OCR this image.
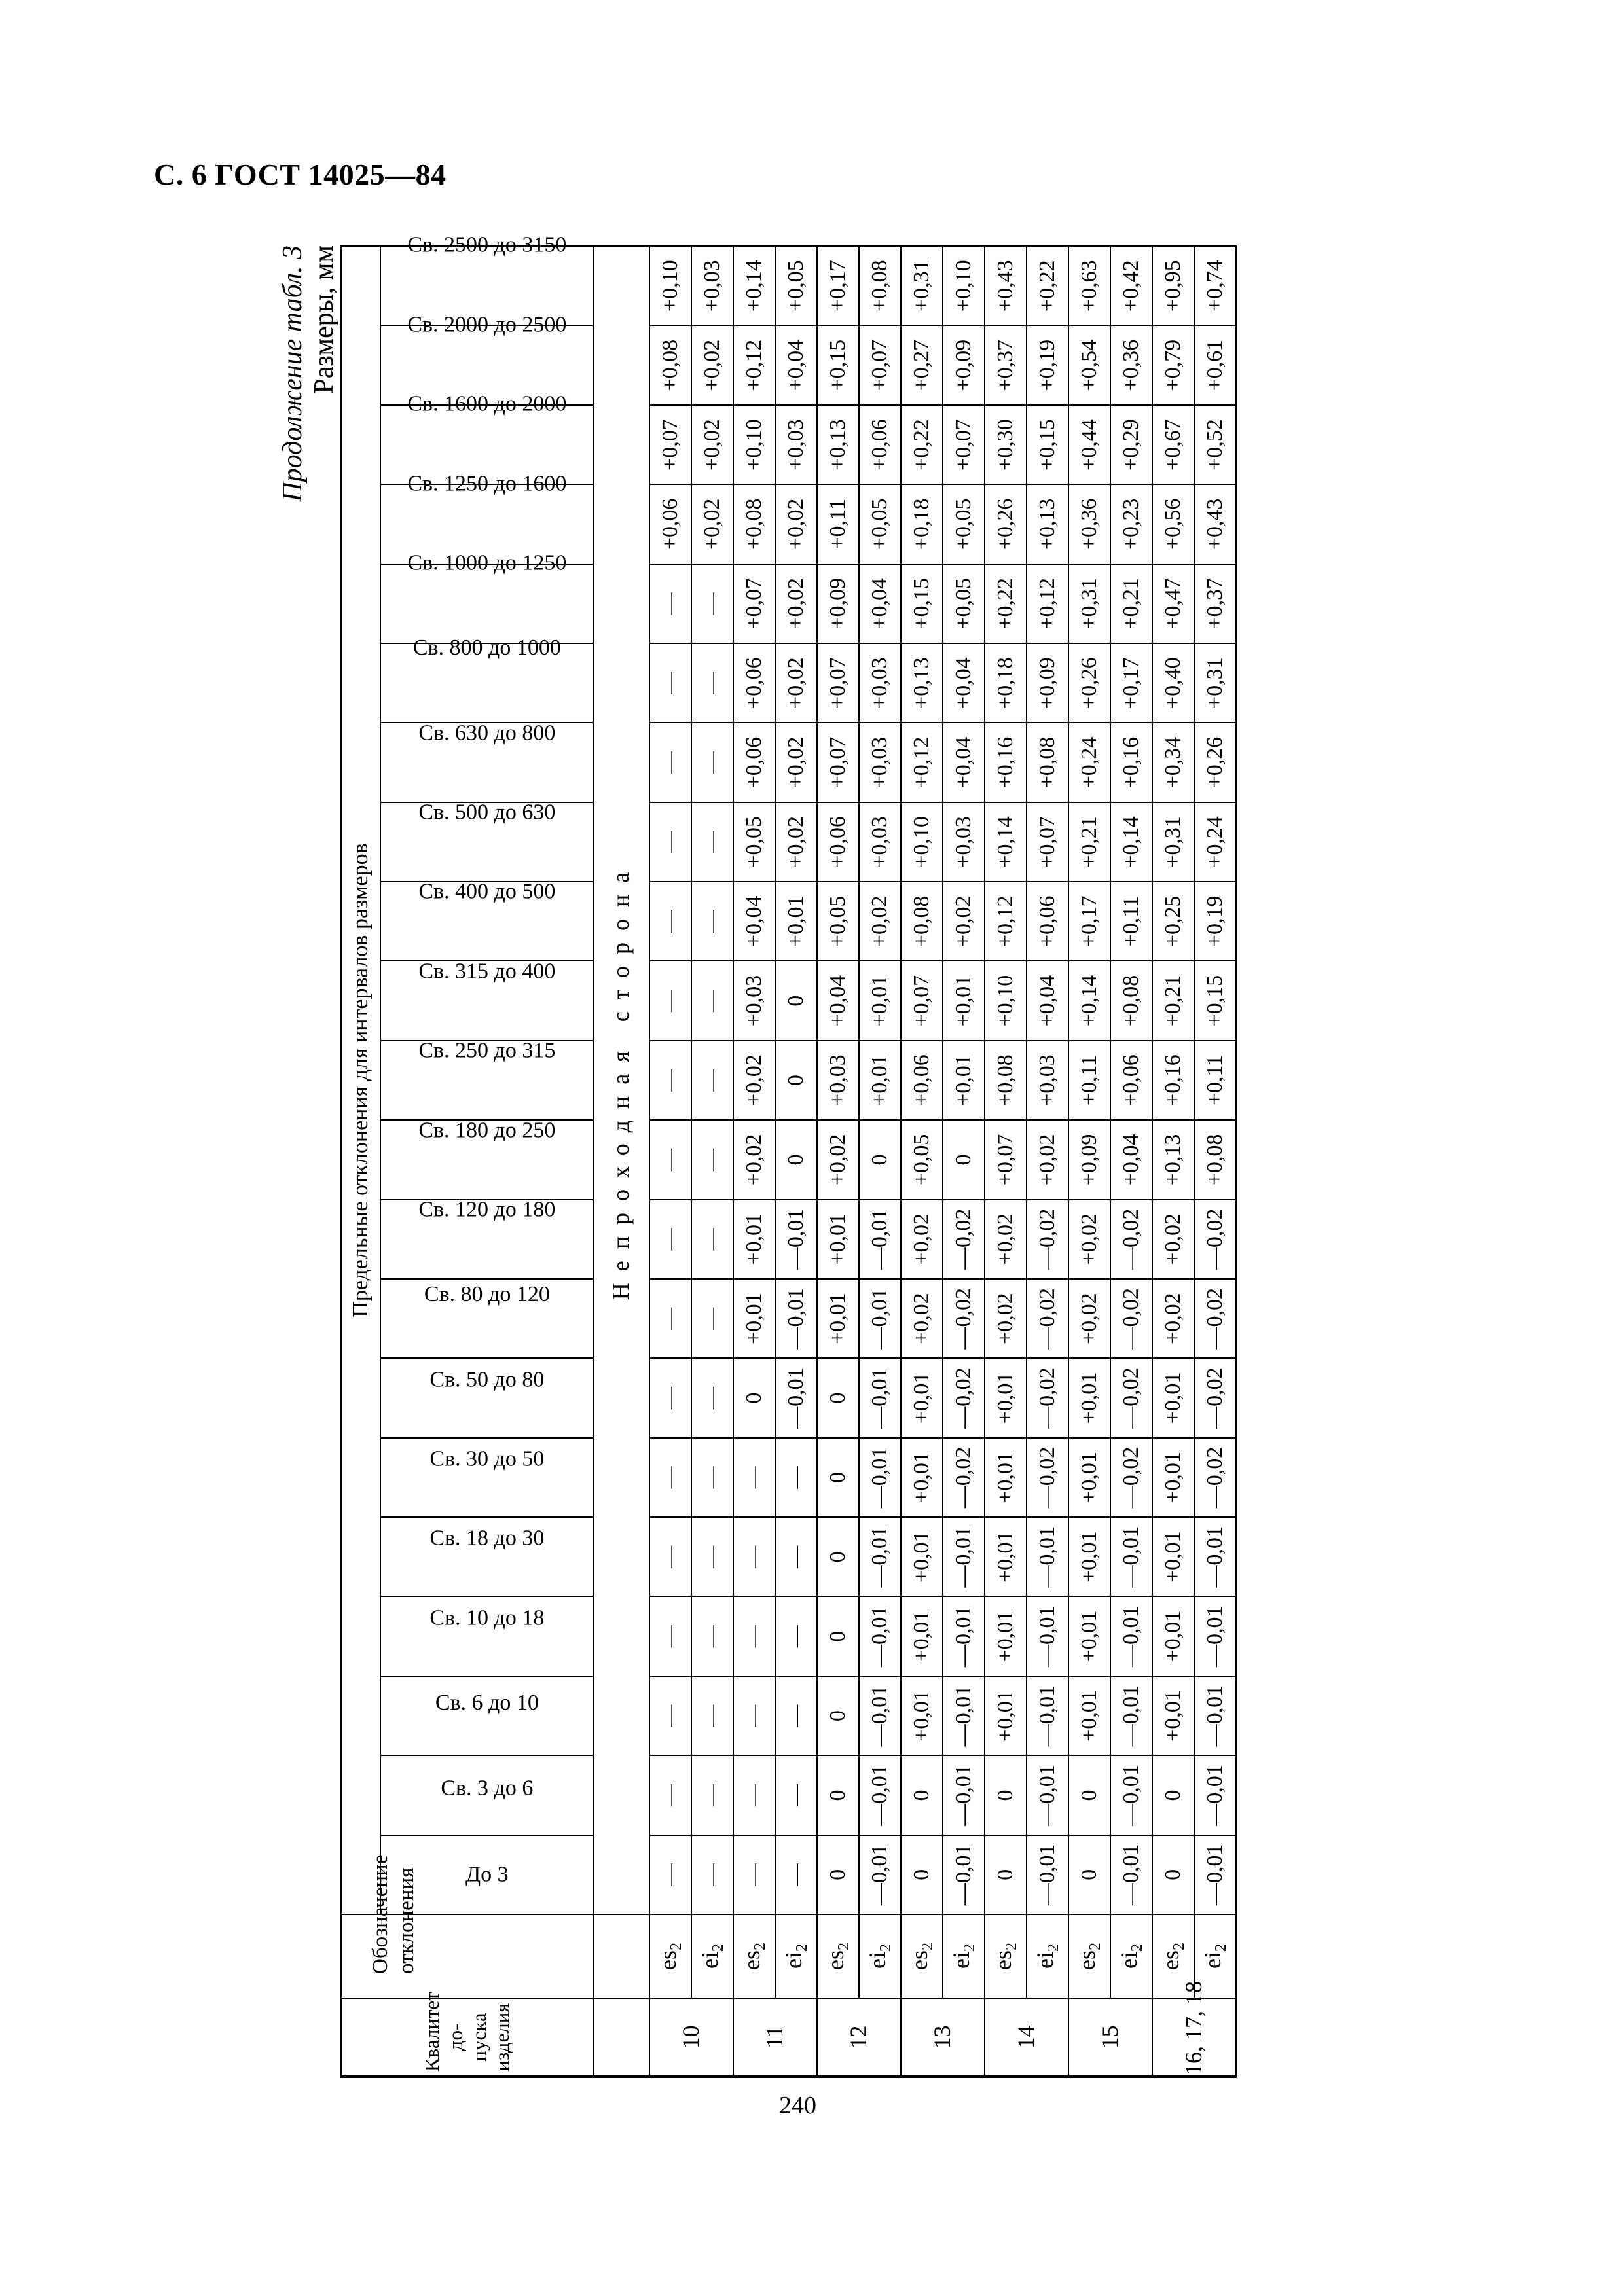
С. 6 ГОСТ 14025—84
Продолжение табл. 3 Размеры, мм
Квалитет до-пуска изделия	Обозначение отклонения	Предельные отклонения для интервалов размеров																				
		До 3	Св. 3 до 6	Св. 6 до 10	Св. 10 до 18	Св. 18 до 30	Св. 30 до 50	Св. 50 до 80	Св. 80 до 120	Св. 120 до 180	Св. 180 до 250	Св. 250 до 315	Св. 315 до 400	Св. 400 до 500	Св. 500 до 630	Св. 630 до 800	Св. 800 до 1000	Св. 1000 до 1250	Св. 1250 до 1600	Св. 1600 до 2000	Св. 2000 до 2500	Св. 2500 до 3150
		Непроходная сторона																				
10	$es_2$	—	—	—	—	—	—	—	—	—	—	—	—	—	—	—	—	—	+0,06	+0,07	+0,08	+0,10
	$ei_2$	—	—	—	—	—	—	—	—	—	—	—	—	—	—	—	—	—	+0,02	+0,02	+0,02	+0,03
11	$es_2$	—	—	—	—	—	—	0	+0,01	+0,01	+0,02	+0,02	+0,03	+0,04	+0,05	+0,06	+0,06	+0,07	+0,08	+0,10	+0,12	+0,14
	$ei_2$	—	—	—	—	—	—	—0,01	—0,01	—0,01	0	0	0	+0,01	+0,02	+0,02	+0,02	+0,02	+0,02	+0,03	+0,04	+0,05
12	$es_2$	0	0	0	0	0	0	0	+0,01	+0,01	+0,02	+0,03	+0,04	+0,05	+0,06	+0,07	+0,07	+0,09	+0,11	+0,13	+0,15	+0,17
	$ei_2$	—0,01	—0,01	—0,01	—0,01	—0,01	—0,01	—0,01	—0,01	—0,01	0	+0,01	+0,01	+0,02	+0,03	+0,03	+0,03	+0,04	+0,05	+0,06	+0,07	+0,08
13	$es_2$	0	0	+0,01	+0,01	+0,01	+0,01	+0,01	+0,02	+0,02	+0,05	+0,06	+0,07	+0,08	+0,10	+0,12	+0,13	+0,15	+0,18	+0,22	+0,27	+0,31
	$ei_2$	—0,01	—0,01	—0,01	—0,01	—0,01	—0,02	—0,02	—0,02	—0,02	0	+0,01	+0,01	+0,02	+0,03	+0,04	+0,04	+0,05	+0,05	+0,07	+0,09	+0,10
14	$es_2$	0	0	+0,01	+0,01	+0,01	+0,01	+0,01	+0,02	+0,02	+0,07	+0,08	+0,10	+0,12	+0,14	+0,16	+0,18	+0,22	+0,26	+0,30	+0,37	+0,43
	$ei_2$	—0,01	—0,01	—0,01	—0,01	—0,01	—0,02	—0,02	—0,02	—0,02	+0,02	+0,03	+0,04	+0,06	+0,07	+0,08	+0,09	+0,12	+0,13	+0,15	+0,19	+0,22
15	$es_2$	0	0	+0,01	+0,01	+0,01	+0,01	+0,01	+0,02	+0,02	+0,09	+0,11	+0,14	+0,17	+0,21	+0,24	+0,26	+0,31	+0,36	+0,44	+0,54	+0,63
	$ei_2$	—0,01	—0,01	—0,01	—0,01	—0,01	—0,02	—0,02	—0,02	—0,02	+0,04	+0,06	+0,08	+0,11	+0,14	+0,16	+0,17	+0,21	+0,23	+0,29	+0,36	+0,42
16, 17, 18	$es_2$	0	0	+0,01	+0,01	+0,01	+0,01	+0,01	+0,02	+0,02	+0,13	+0,16	+0,21	+0,25	+0,31	+0,34	+0,40	+0,47	+0,56	+0,67	+0,79	+0,95
	$ei_2$	—0,01	—0,01	—0,01	—0,01	—0,01	—0,02	—0,02	—0,02	—0,02	+0,08	+0,11	+0,15	+0,19	+0,24	+0,26	+0,31	+0,37	+0,43	+0,52	+0,61	+0,74
240
